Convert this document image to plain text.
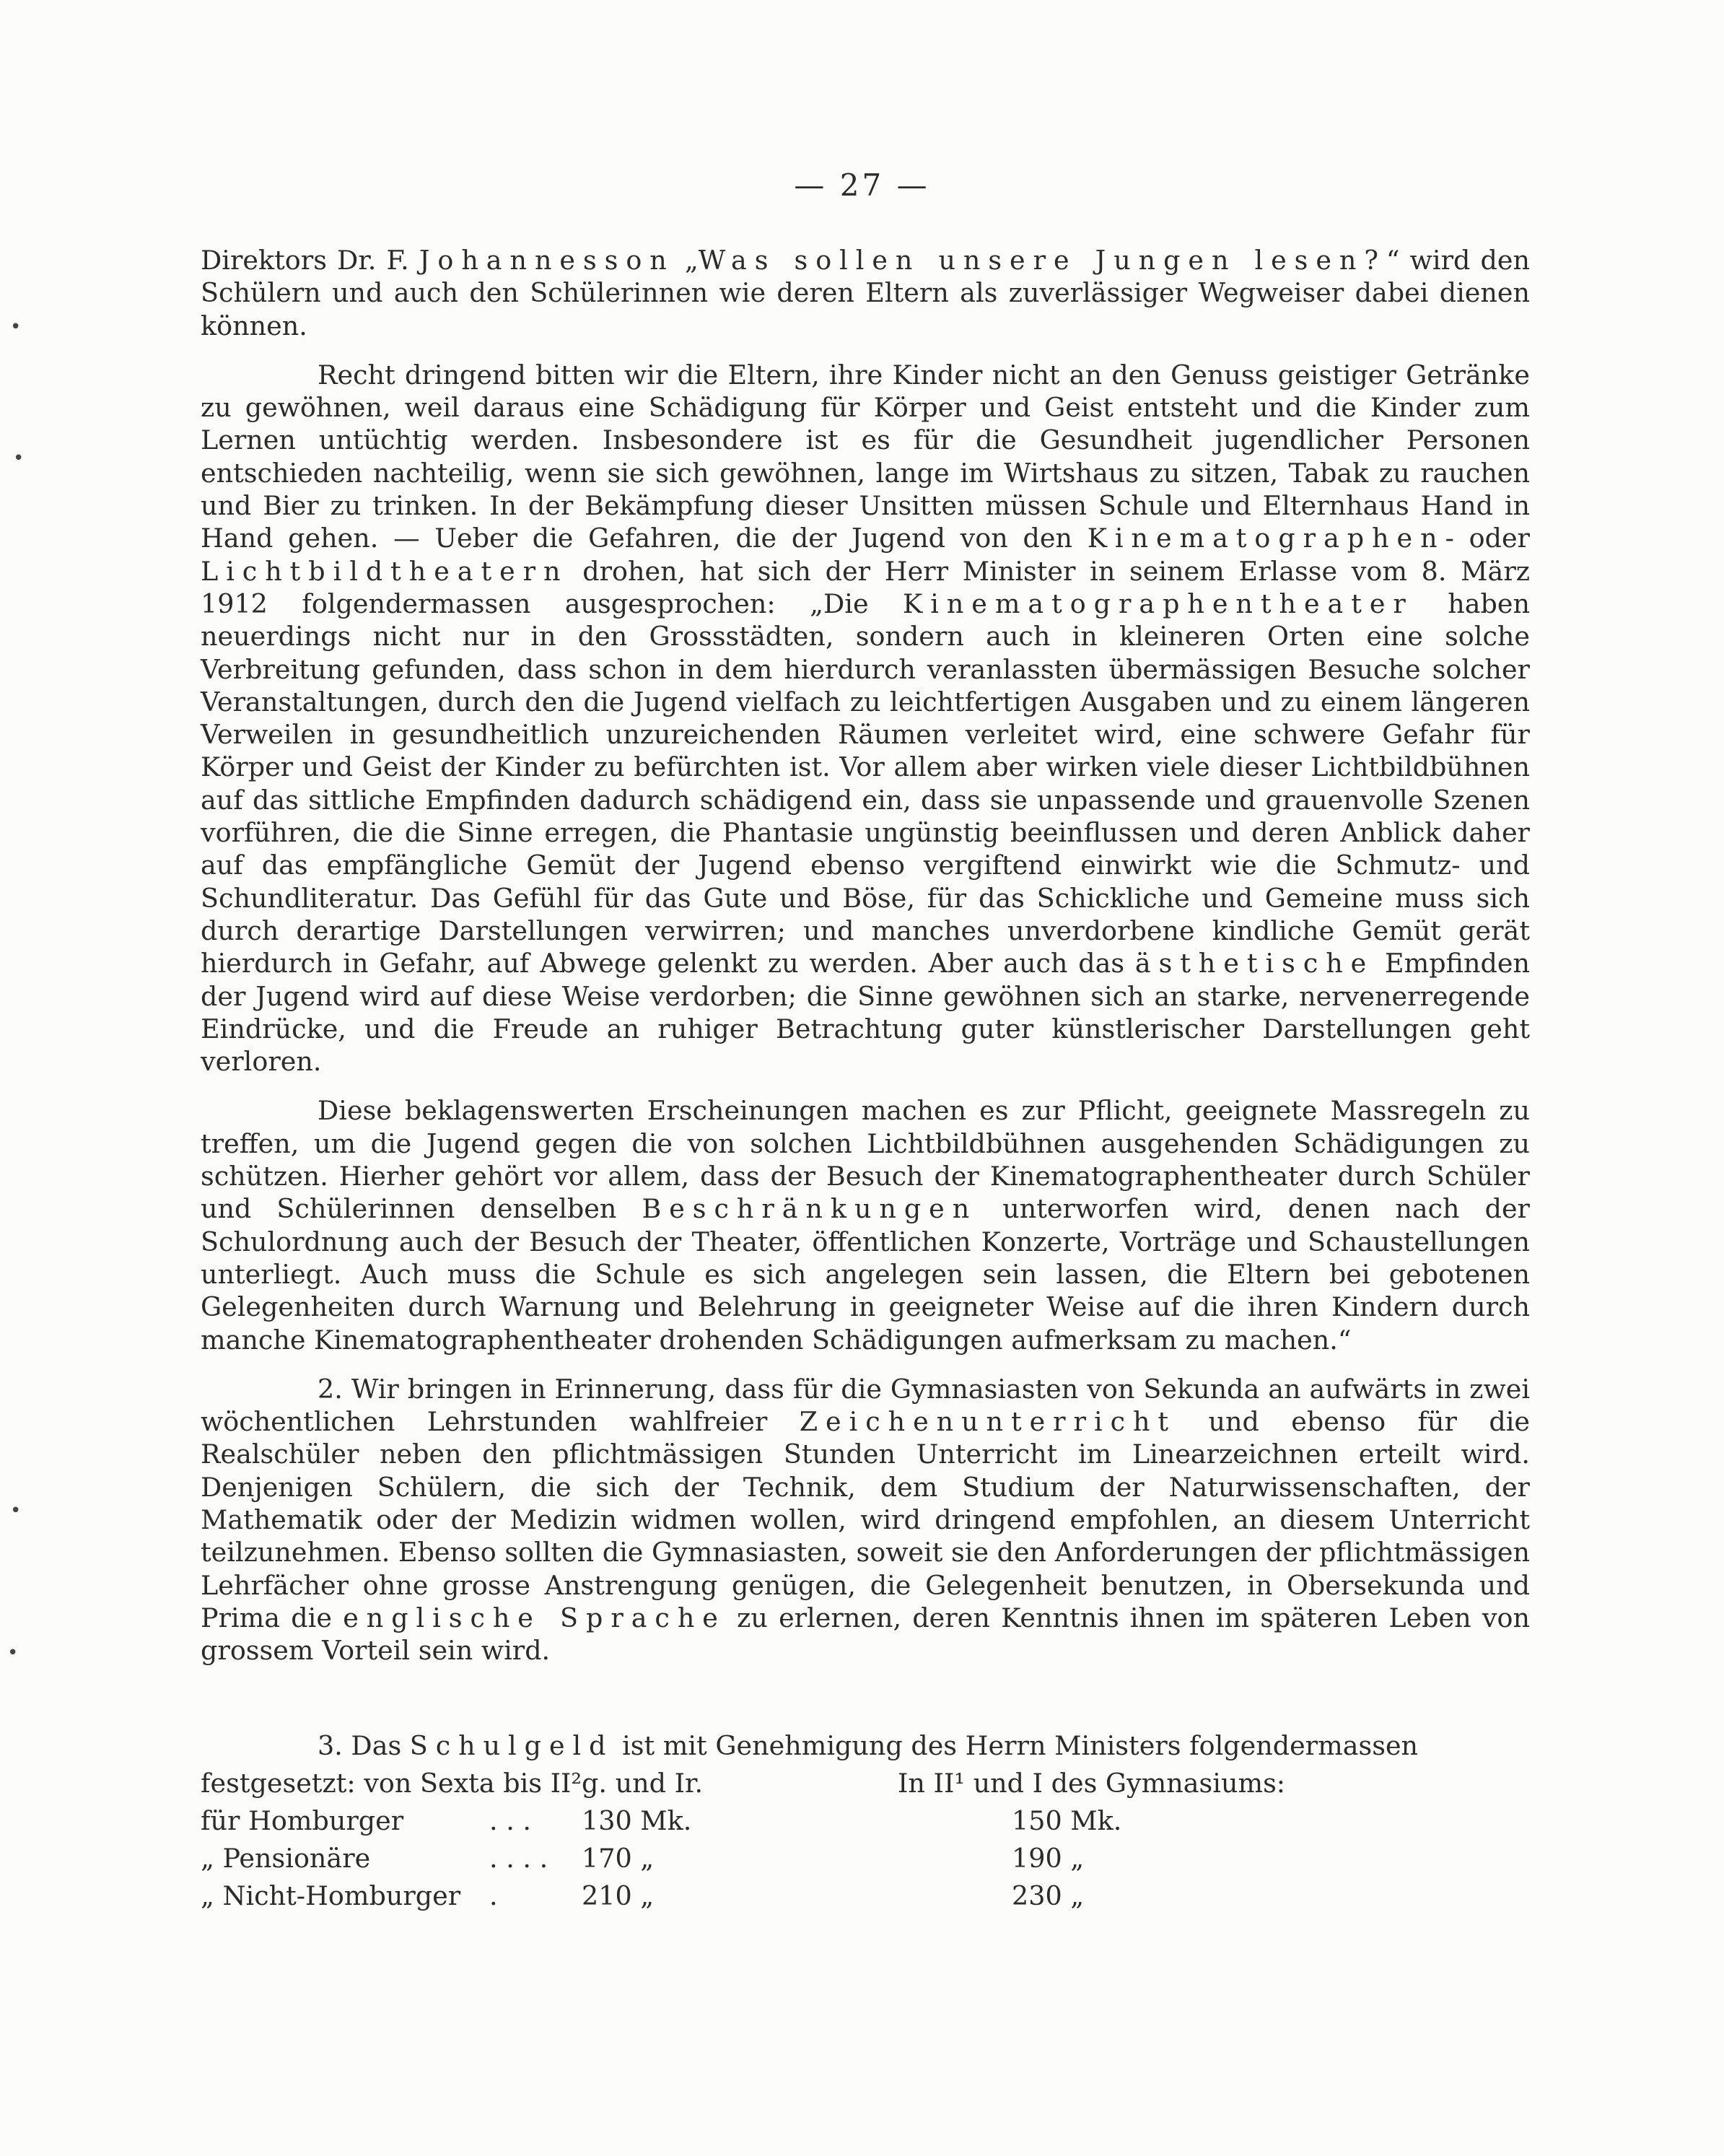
— 27 —

Direktors Dr. F. Johannesson „Was sollen unsere Jungen lesen?“ wird den Schülern und auch den Schülerinnen wie deren Eltern als zuverlässiger Wegweiser dabei dienen können.

Recht dringend bitten wir die Eltern, ihre Kinder nicht an den Genuss geistiger Getränke zu gewöhnen, weil daraus eine Schädigung für Körper und Geist entsteht und die Kinder zum Lernen untüchtig werden. Insbesondere ist es für die Gesundheit jugendlicher Personen entschieden nachteilig, wenn sie sich gewöhnen, lange im Wirtshaus zu sitzen, Tabak zu rauchen und Bier zu trinken. In der Bekämpfung dieser Unsitten müssen Schule und Elternhaus Hand in Hand gehen. — Ueber die Gefahren, die der Jugend von den Kinematographen- oder Lichtbildtheatern drohen, hat sich der Herr Minister in seinem Erlasse vom 8. März 1912 folgendermassen ausgesprochen: „Die Kinematographentheater haben neuerdings nicht nur in den Grossstädten, sondern auch in kleineren Orten eine solche Verbreitung gefunden, dass schon in dem hierdurch veranlassten übermässigen Besuche solcher Veranstaltungen, durch den die Jugend vielfach zu leichtfertigen Ausgaben und zu einem längeren Verweilen in gesundheitlich unzureichenden Räumen verleitet wird, eine schwere Gefahr für Körper und Geist der Kinder zu befürchten ist. Vor allem aber wirken viele dieser Lichtbildbühnen auf das sittliche Empfinden dadurch schädigend ein, dass sie unpassende und grauenvolle Szenen vorführen, die die Sinne erregen, die Phantasie ungünstig beeinflussen und deren Anblick daher auf das empfängliche Gemüt der Jugend ebenso vergiftend einwirkt wie die Schmutz- und Schundliteratur. Das Gefühl für das Gute und Böse, für das Schickliche und Gemeine muss sich durch derartige Darstellungen verwirren; und manches unverdorbene kindliche Gemüt gerät hierdurch in Gefahr, auf Abwege gelenkt zu werden. Aber auch das ästhetische Empfinden der Jugend wird auf diese Weise verdorben; die Sinne gewöhnen sich an starke, nervenerregende Eindrücke, und die Freude an ruhiger Betrachtung guter künstlerischer Darstellungen geht verloren.

Diese beklagenswerten Erscheinungen machen es zur Pflicht, geeignete Massregeln zu treffen, um die Jugend gegen die von solchen Lichtbildbühnen ausgehenden Schädigungen zu schützen. Hierher gehört vor allem, dass der Besuch der Kinematographentheater durch Schüler und Schülerinnen denselben Beschränkungen unterworfen wird, denen nach der Schulordnung auch der Besuch der Theater, öffentlichen Konzerte, Vorträge und Schaustellungen unterliegt. Auch muss die Schule es sich angelegen sein lassen, die Eltern bei gebotenen Gelegenheiten durch Warnung und Belehrung in geeigneter Weise auf die ihren Kindern durch manche Kinematographentheater drohenden Schädigungen aufmerksam zu machen.“

2. Wir bringen in Erinnerung, dass für die Gymnasiasten von Sekunda an aufwärts in zwei wöchentlichen Lehrstunden wahlfreier Zeichenunterricht und ebenso für die Realschüler neben den pflichtmässigen Stunden Unterricht im Linearzeichnen erteilt wird. Denjenigen Schülern, die sich der Technik, dem Studium der Naturwissenschaften, der Mathematik oder der Medizin widmen wollen, wird dringend empfohlen, an diesem Unterricht teilzunehmen. Ebenso sollten die Gymnasiasten, soweit sie den Anforderungen der pflichtmässigen Lehrfächer ohne grosse Anstrengung genügen, die Gelegenheit benutzen, in Obersekunda und Prima die englische Sprache zu erlernen, deren Kenntnis ihnen im späteren Leben von grossem Vorteil sein wird.

3. Das Schulgeld ist mit Genehmigung des Herrn Ministers folgendermassen

festgesetzt: von Sexta bis II²g. und Ir.	In II¹ und I des Gymnasiums:
für Homburger	. . . 130 Mk.	150 Mk.
„ Pensionäre	. . . . 170 „	190 „
„ Nicht-Homburger .	210 „	230 „
•
•
•
•
